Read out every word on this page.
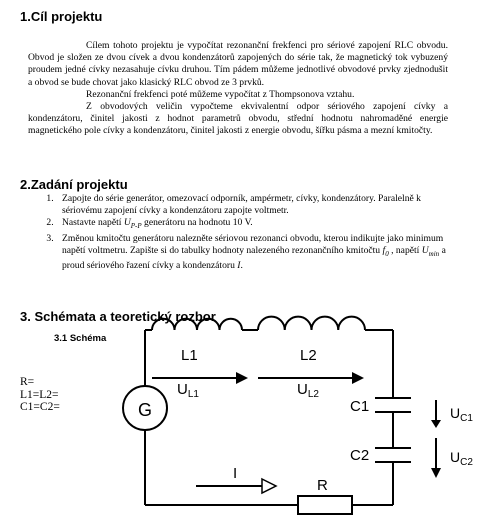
1.Cíl projektu

Cílem tohoto projektu je vypočítat rezonanční frekfenci pro sériové zapojení RLC obvodu. Obvod je složen ze dvou cívek a dvou kondenzátorů zapojených do série tak, že magnetický tok vybuzený proudem jedné cívky nezasahuje cívku druhou. Tím pádem můžeme jednotlivé obvodové prvky zjednodušit a obvod se bude chovat jako klasický RLC obvod ze 3 prvků.

Rezonanční frekfenci poté můžeme vypočítat z Thompsonova vztahu.

Z obvodových veličin vypočteme ekvivalentní odpor sériového zapojení cívky a kondenzátoru, činitel jakosti z hodnot parametrů obvodu, střední hodnotu nahromaděné energie magnetického pole cívky a kondenzátoru, činitel jakosti z energie obvodu, šířku pásma a mezní kmitočty.

2.Zadání projektu
1. Zapojte do série generátor, omezovací odporník, ampérmetr, cívky, kondenzátory. Paralelně k sériovému zapojení cívky a kondenzátoru zapojte voltmetr.
2. Nastavte napětí $U_{P-P}$ generátoru na hodnotu 10 V.
3. Změnou kmitočtu generátoru nalezněte sériovou rezonanci obvodu, kterou indikujte jako minimum napětí voltmetru. Zapište si do tabulky hodnoty nalezeného rezonančního kmitočtu $f_0$ , napětí $U_{min}$ a proud sériového řazení cívky a kondenzátoru I.
3. Schémata a teoretický rozbor
3.1 Schéma
R=
L1=L2=
C1=C2=	G
L1	L2
$U_{L1}$	$U_{L2}$
C1
C2
$U_{C1}$
$U_{C2}$
I
R
